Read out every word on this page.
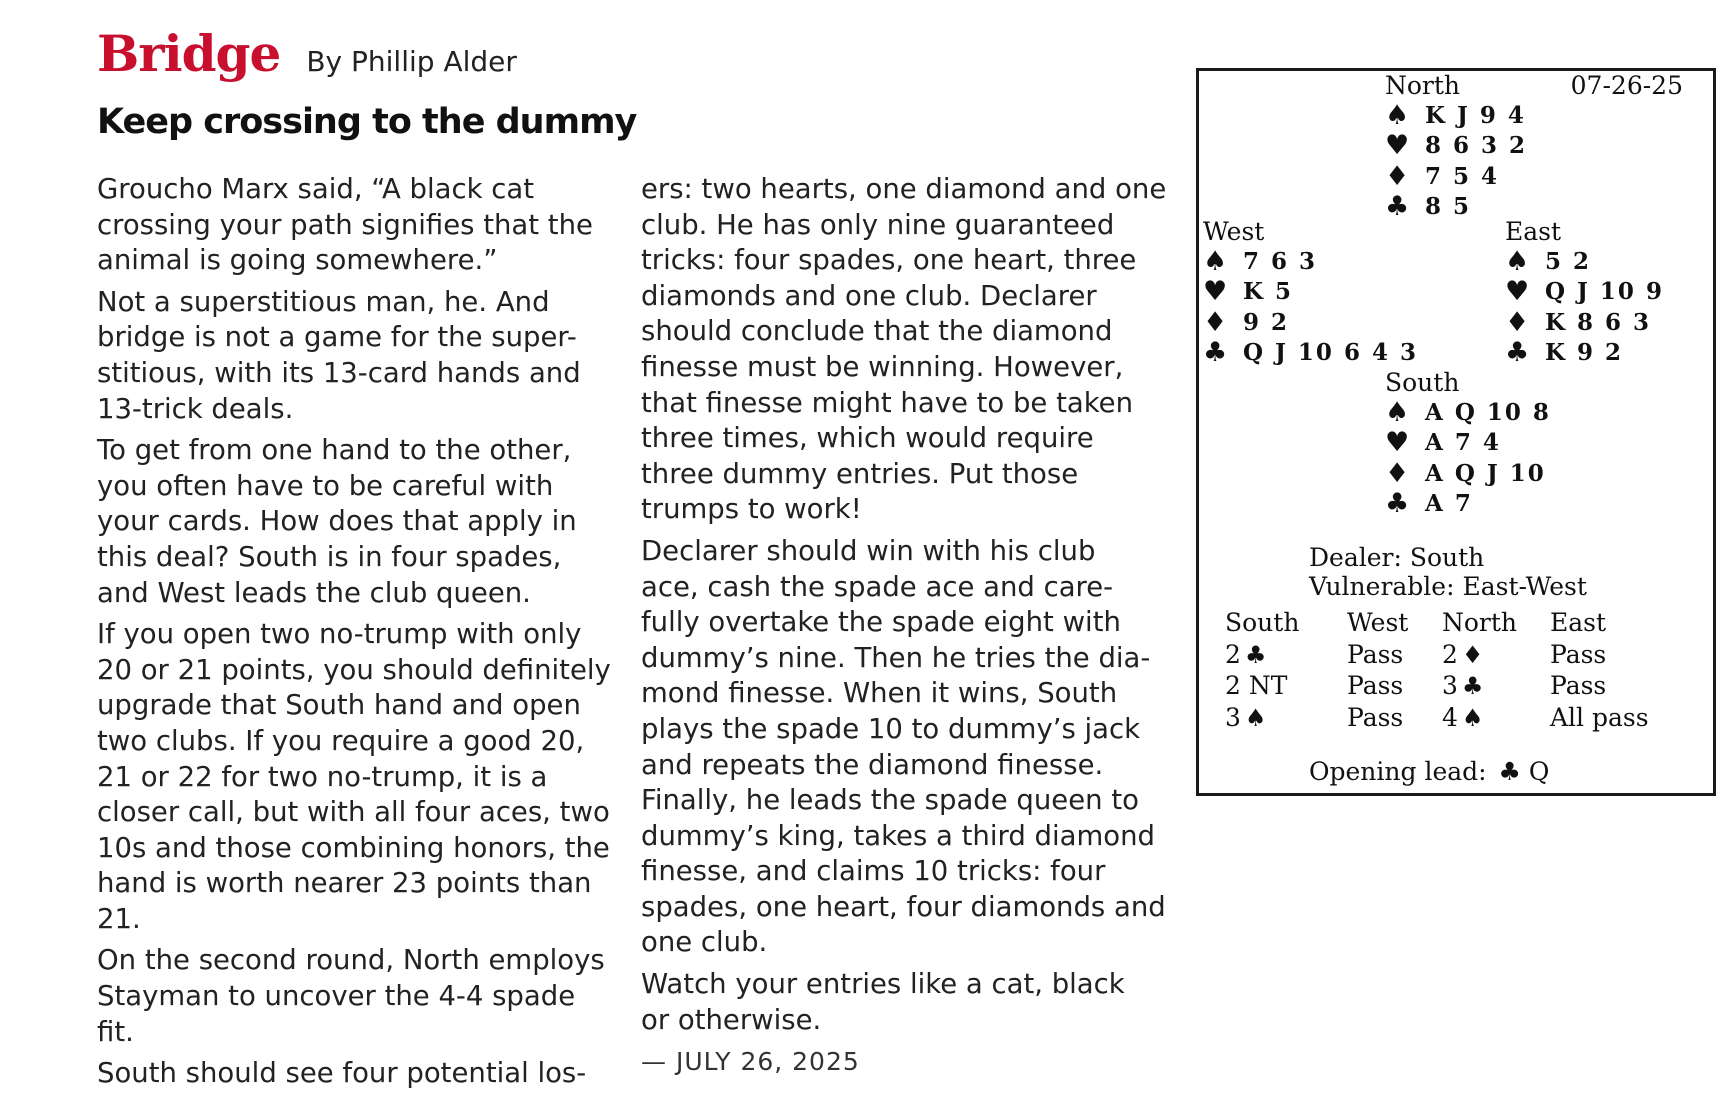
Bridge By Phillip Alder
Keep crossing to the dummy

Groucho Marx said, “A black cat
crossing your path signifies that the
animal is going somewhere.”

Not a superstitious man, he. And
bridge is not a game for the super-
stitious, with its 13-card hands and
13-trick deals.

To get from one hand to the other,
you often have to be careful with
your cards. How does that apply in
this deal? South is in four spades,
and West leads the club queen.

If you open two no-trump with only
20 or 21 points, you should definitely
upgrade that South hand and open
two clubs. If you require a good 20,
21 or 22 for two no-trump, it is a
closer call, but with all four aces, two
10s and those combining honors, the
hand is worth nearer 23 points than
21.

On the second round, North employs
Stayman to uncover the 4-4 spade
fit.

South should see four potential los-

ers: two hearts, one diamond and one
club. He has only nine guaranteed
tricks: four spades, one heart, three
diamonds and one club. Declarer
should conclude that the diamond
finesse must be winning. However,
that finesse might have to be taken
three times, which would require
three dummy entries. Put those
trumps to work!

Declarer should win with his club
ace, cash the spade ace and care-
fully overtake the spade eight with
dummy’s nine. Then he tries the dia-
mond finesse. When it wins, South
plays the spade 10 to dummy’s jack
and repeats the diamond finesse.
Finally, he leads the spade queen to
dummy’s king, takes a third diamond
finesse, and claims 10 tricks: four
spades, one heart, four diamonds and
one club.

Watch your entries like a cat, black
or otherwise.

— JULY 26, 2025
07-26-25
North
♠ K J 9 4
♥ 8 6 3 2
♦ 7 5 4
♣ 8 5
West
♠ 7 6 3
♥ K 5
♦ 9 2
♣ Q J 10 6 4 3
East
♠ 5 2
♥ Q J 10 9
♦ K 8 6 3
♣ K 9 2
South
♠ A Q 10 8
♥ A 7 4
♦ A Q J 10
♣ A 7
Dealer: South
Vulnerable: East-West
South
2 ♣
2 NT
3 ♠
West
Pass
Pass
Pass
North
2 ♦
3 ♣
4 ♠
East
Pass
Pass
All pass
Opening lead: ♣ Q
